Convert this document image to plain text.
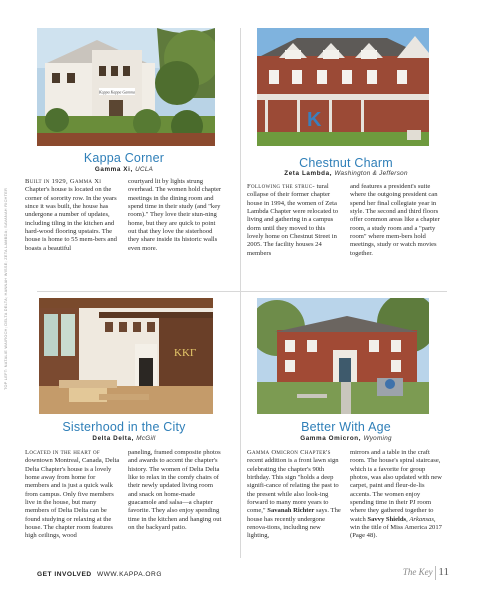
TOP LEFT: NATALIE WAIROCH; DELTA DELTA; HANNAH WISSE; ZETA LAMBDA; SAVANAH RICHTER
Kappa Kappa Gamma
Kappa Corner
Gamma Xi, UCLA

Built in 1929, Gamma Xi Chapter's house is located on the corner of sorority row. In the years since it was built, the house has undergone a number of updates, including tiling in the kitchen and hard-wood flooring upstairs. The house is home to 55 mem-bers and boasts a beautiful

courtyard lit by lights strung overhead. The women hold chapter meetings in the dining room and spend time in their study (and "key room)." They love their stun-ning home, but they are quick to point out that they love the sisterhood they share inside its historic walls even more.

K
Chestnut Charm
Zeta Lambda, Washington & Jefferson

Following the struc- tural collapse of their former chapter house in 1994, the women of Zeta Lambda Chapter were relocated to living and gathering in a campus dorm until they moved to this lovely home on Chestnut Street in 2005. The facility houses 24 members

and features a president's suite where the outgoing president can spend her final collegiate year in style. The second and third floors offer common areas like a chapter room, a study room and a "party room" where mem-bers hold meetings, study or watch movies together.

ΚΚΓ
Sisterhood in the City
Delta Delta, McGill

Located in the heart of downtown Montreal, Canada, Delta Delta Chapter's house is a lovely home away from home for members and is just a quick walk from campus. Only five members live in the house, but many members of Delta Delta can be found studying or relaxing at the house. The chapter room features high ceilings, wood

paneling, framed composite photos and awards to accent the chapter's history. The women of Delta Delta like to relax in the comfy chairs of their newly updated living room and snack on home-made guacamole and salsa—a chapter favorite. They also enjoy spending time in the kitchen and hanging out on the backyard patio.

Better With Age
Gamma Omicron, Wyoming

Gamma Omicron Chapter's recent addition is a front lawn sign celebrating the chapter's 90th birthday. This sign "holds a deep signifi-cance of relating the past to the present while also look-ing forward to many more years to come," Savanah Richter says. The house has recently undergone renova-tions, including new lighting,

mirrors and a table in the craft room. The house's spiral staircase, which is a favorite for group photos, was also updated with new carpet, paint and fleur-de-lis accents. The women enjoy spending time in their PJ room where they gathered together to watch Savvy Shields, Arkansas, win the title of Miss America 2017 (Page 48).

GET INVOLVED WWW.KAPPA.ORG	The Key 11
